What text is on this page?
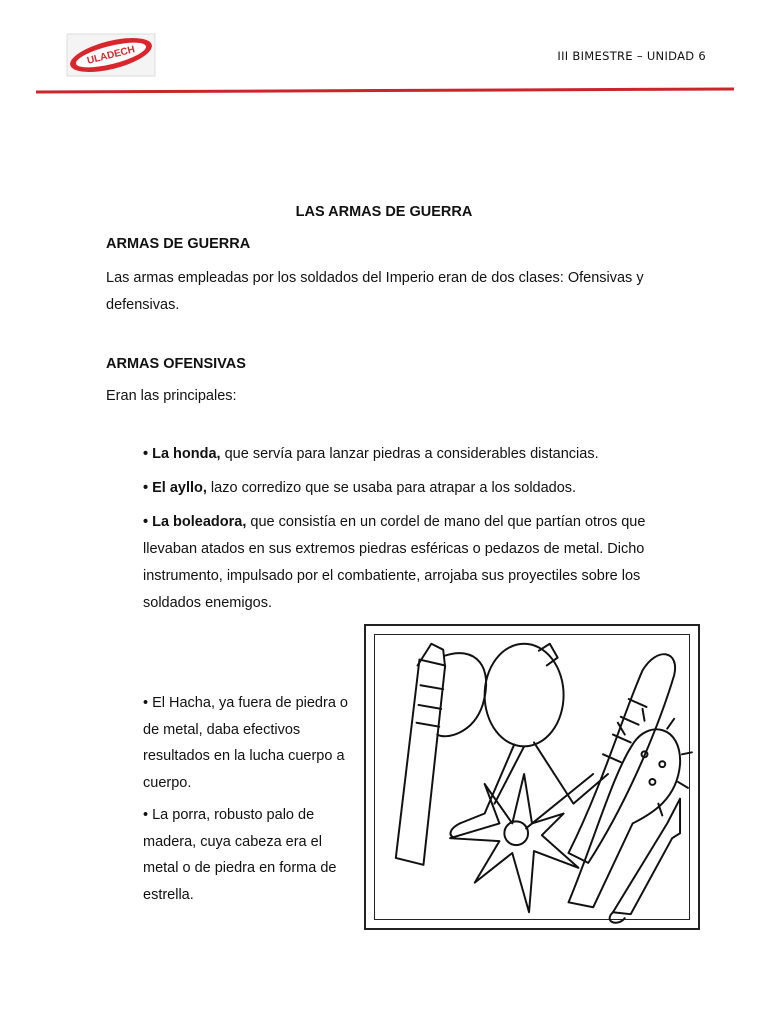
ULADECH	III BIMESTRE – UNIDAD 6
LAS ARMAS DE GUERRA
ARMAS DE GUERRA
Las armas empleadas por los soldados del Imperio eran de dos clases: Ofensivas y defensivas.
ARMAS OFENSIVAS
Eran las principales:
• La honda, que servía para lanzar piedras a considerables distancias.
• El ayllo, lazo corredizo que se usaba para atrapar a los soldados.
• La boleadora, que consistía en un cordel de mano del que partían otros que llevaban atados en sus extremos piedras esféricas o pedazos de metal. Dicho instrumento, impulsado por el combatiente, arrojaba sus proyectiles sobre los soldados enemigos.
• El Hacha, ya fuera de piedra o de metal, daba efectivos resultados en la lucha cuerpo a cuerpo.
• La porra, robusto palo de madera, cuya cabeza era el metal o de piedra en forma de estrella.
